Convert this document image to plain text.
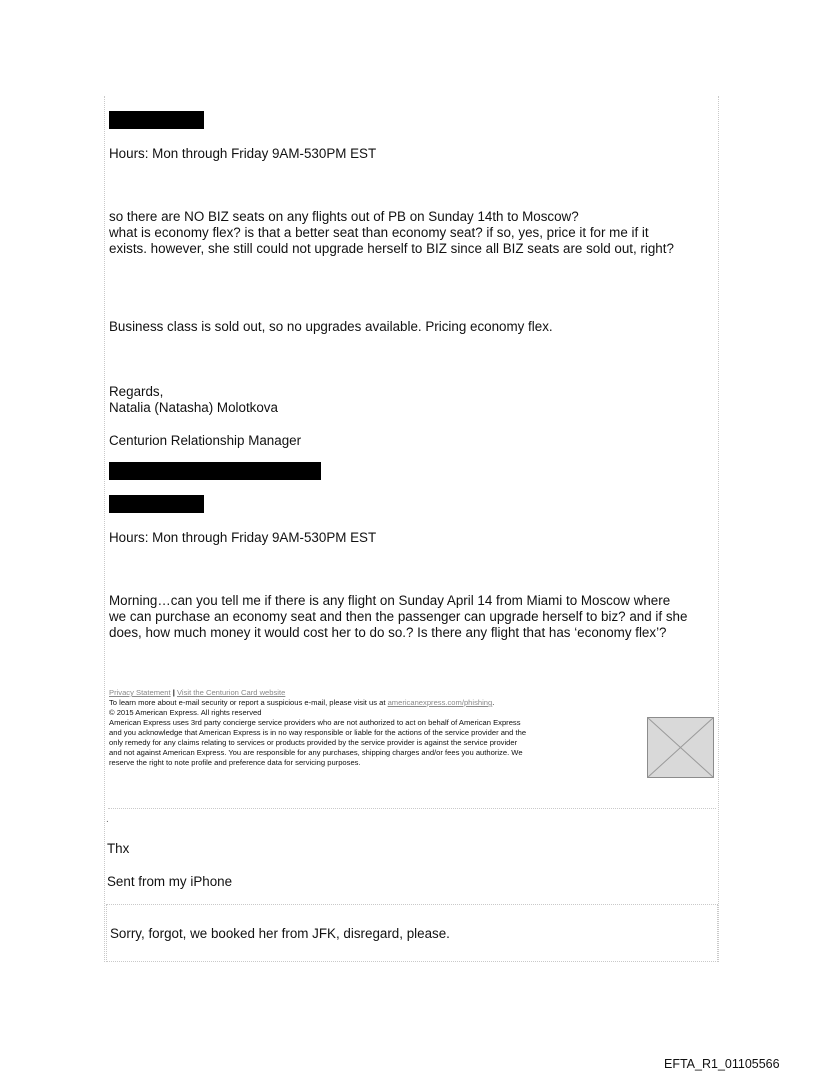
Hours: Mon through Friday 9AM-530PM EST
so there are NO BIZ seats on any flights out of PB on Sunday 14th to Moscow?
what is economy flex? is that a better seat than economy seat? if so, yes, price it for me if it
exists. however, she still could not upgrade herself to BIZ since all BIZ seats are sold out, right?
Business class is sold out, so no upgrades available. Pricing economy flex.
Regards,
Natalia (Natasha) Molotkova
Centurion Relationship Manager
Hours: Mon through Friday 9AM-530PM EST
Morning…can you tell me if there is any flight on Sunday April 14 from Miami to Moscow where
we can purchase an economy seat and then the passenger can upgrade herself to biz? and if she
does, how much money it would cost her to do so.? Is there any flight that has ‘economy flex’?
Privacy Statement | Visit the Centurion Card website
To learn more about e-mail security or report a suspicious e-mail, please visit us at americanexpress.com/phishing.
© 2015 American Express. All rights reserved
American Express uses 3rd party concierge service providers who are not authorized to act on behalf of American Express
and you acknowledge that American Express is in no way responsible or liable for the actions of the service provider and the
only remedy for any claims relating to services or products provided by the service provider is against the service provider
and not against American Express. You are responsible for any purchases, shipping charges and/or fees you authorize. We
reserve the right to note profile and preference data for servicing purposes.
.
Thx
Sent from my iPhone
Sorry, forgot, we booked her from JFK, disregard, please.
EFTA_R1_01105566
